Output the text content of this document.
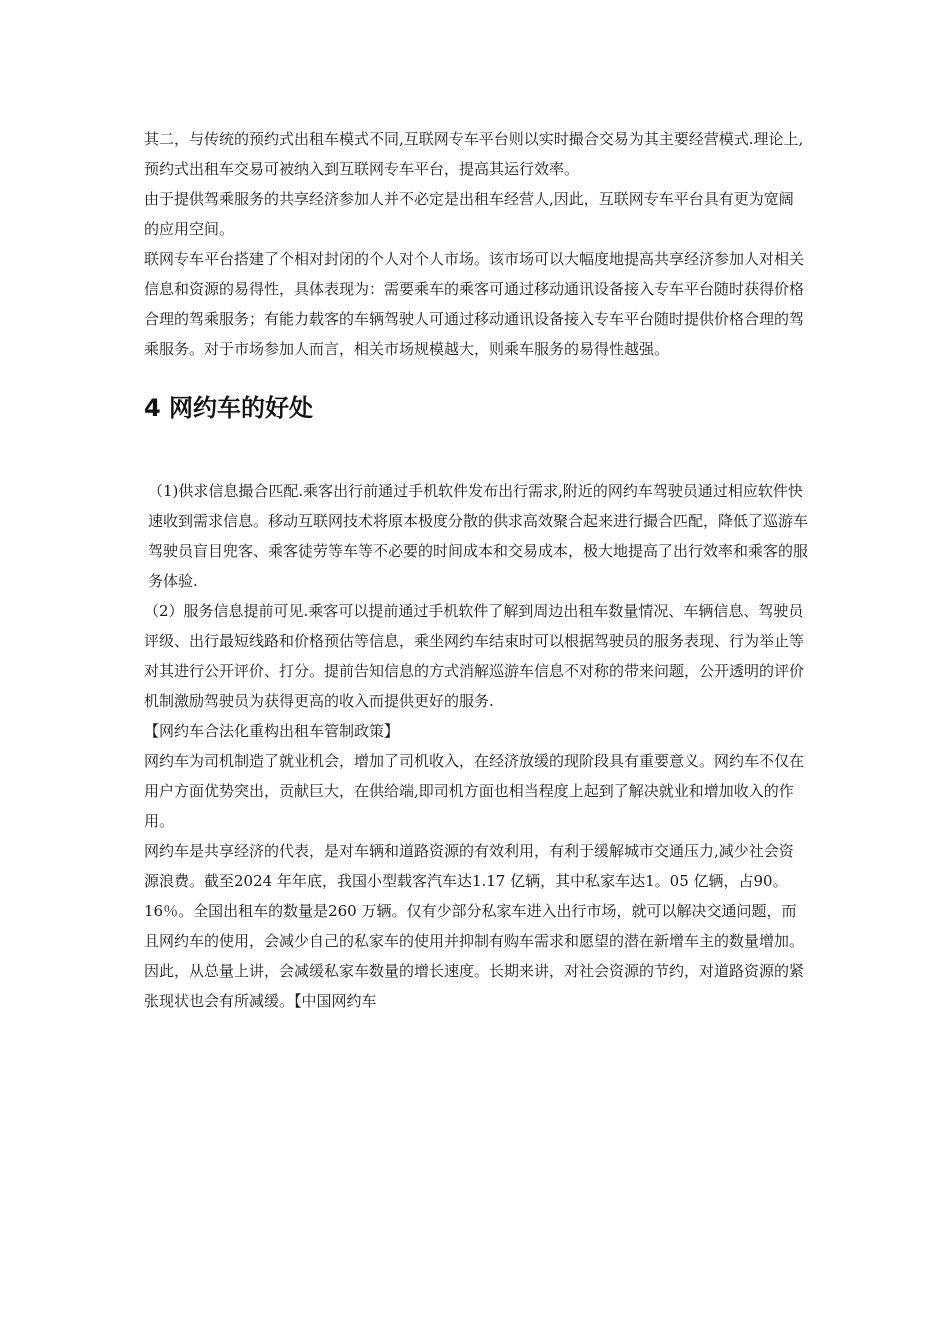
其二，与传统的预约式出租车模式不同,互联网专车平台则以实时撮合交易为其主要经营模式.理论上,预约式出租车交易可被纳入到互联网专车平台，提高其运行效率。

由于提供驾乘服务的共享经济参加人并不必定是出租车经营人,因此，互联网专车平台具有更为宽阔的应用空间。

联网专车平台搭建了个相对封闭的个人对个人市场。该市场可以大幅度地提高共享经济参加人对相关信息和资源的易得性，具体表现为：需要乘车的乘客可通过移动通讯设备接入专车平台随时获得价格合理的驾乘服务；有能力载客的车辆驾驶人可通过移动通讯设备接入专车平台随时提供价格合理的驾乘服务。对于市场参加人而言，相关市场规模越大，则乘车服务的易得性越强。

4 网约车的好处

（1)供求信息撮合匹配.乘客出行前通过手机软件发布出行需求,附近的网约车驾驶员通过相应软件快速收到需求信息。移动互联网技术将原本极度分散的供求高效聚合起来进行撮合匹配，降低了巡游车驾驶员盲目兜客、乘客徒劳等车等不必要的时间成本和交易成本，极大地提高了出行效率和乘客的服务体验.

（2）服务信息提前可见.乘客可以提前通过手机软件了解到周边出租车数量情况、车辆信息、驾驶员评级、出行最短线路和价格预估等信息，乘坐网约车结束时可以根据驾驶员的服务表现、行为举止等对其进行公开评价、打分。提前告知信息的方式消解巡游车信息不对称的带来问题，公开透明的评价机制激励驾驶员为获得更高的收入而提供更好的服务.

【网约车合法化重构出租车管制政策】

网约车为司机制造了就业机会，增加了司机收入，在经济放缓的现阶段具有重要意义。网约车不仅在用户方面优势突出，贡献巨大，在供给端,即司机方面也相当程度上起到了解决就业和增加收入的作用。

网约车是共享经济的代表，是对车辆和道路资源的有效利用，有利于缓解城市交通压力,减少社会资源浪费。截至2024 年年底，我国小型载客汽车达1.17 亿辆，其中私家车达1。05 亿辆，占90。16％。全国出租车的数量是260 万辆。仅有少部分私家车进入出行市场，就可以解决交通问题，而且网约车的使用，会减少自己的私家车的使用并抑制有购车需求和愿望的潜在新增车主的数量增加。因此，从总量上讲，会减缓私家车数量的增长速度。长期来讲，对社会资源的节约，对道路资源的紧张现状也会有所减缓。【中国网约车
